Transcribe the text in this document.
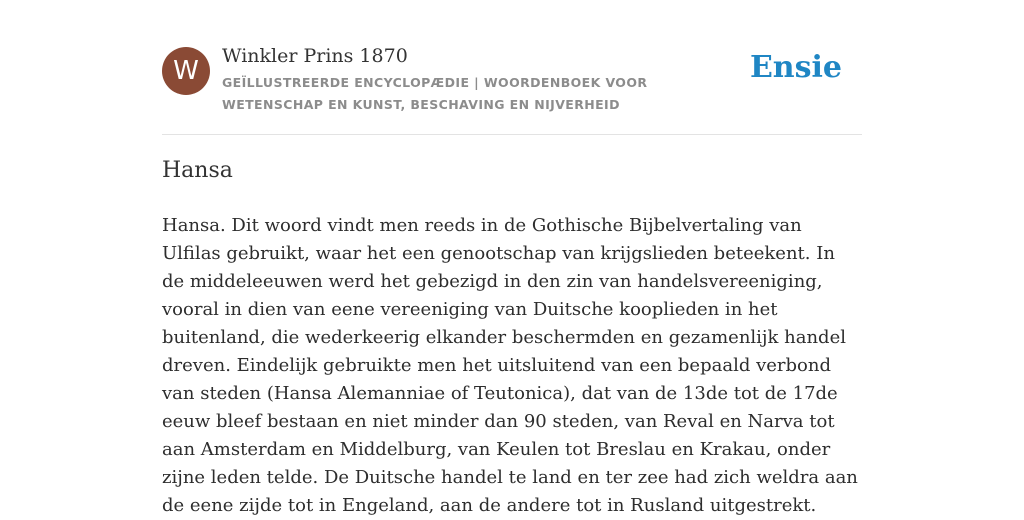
W	Winkler Prins 1870
GEÏLLUSTREERDE ENCYCLOPÆDIE | WOORDENBOEK VOOR WETENSCHAP EN KUNST, BESCHAVING EN NIJVERHEID
Ensie
Hansa

Hansa. Dit woord vindt men reeds in de Gothische Bijbelvertaling van Ulfilas gebruikt, waar het een genootschap van krijgslieden beteekent. In de middeleeuwen werd het gebezigd in den zin van handelsvereeniging, vooral in dien van eene vereeniging van Duitsche kooplieden in het buitenland, die wederkeerig elkander beschermden en gezamenlijk handel dreven. Eindelijk gebruikte men het uitsluitend van een bepaald verbond van steden (Hansa Alemanniae of Teutonica), dat van de 13de tot de 17de eeuw bleef bestaan en niet minder dan 90 steden, van Reval en Narva tot aan Amsterdam en Middelburg, van Keulen tot Breslau en Krakau, onder zijne leden telde. De Duitsche handel te land en ter zee had zich weldra aan de eene zijde tot in Engeland, aan de andere tot in Rusland uitgestrekt.
